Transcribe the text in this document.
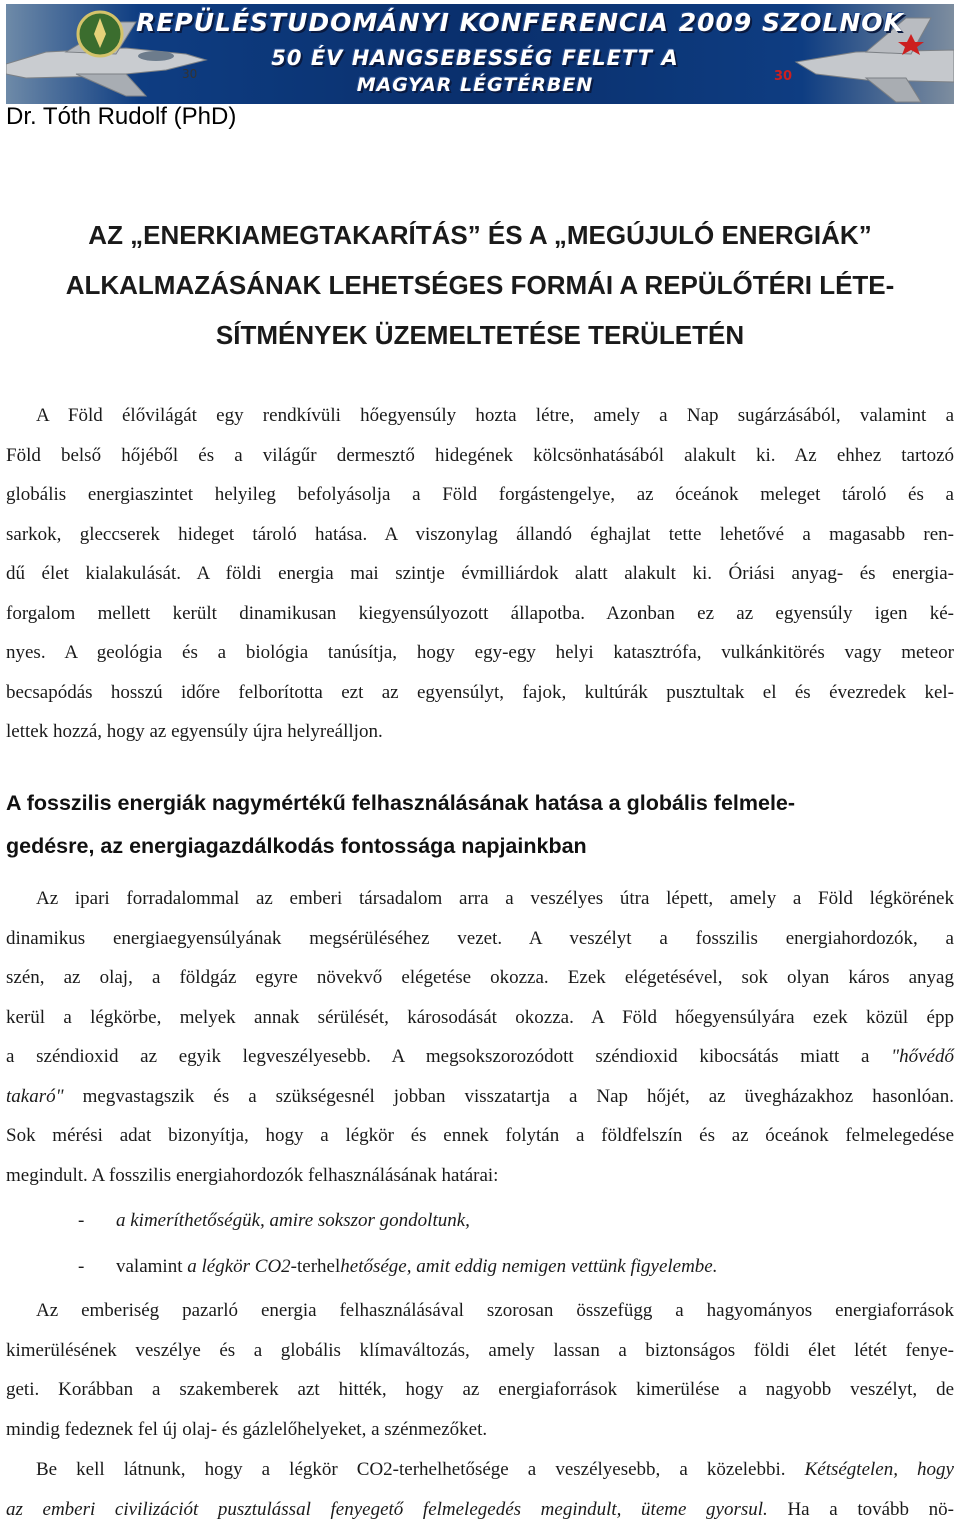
30	30
REPÜLÉSTUDOMÁNYI KONFERENCIA 2009 SZOLNOK
50 ÉV HANGSEBESSÉG FELETT A
MAGYAR LÉGTÉRBEN
Dr. Tóth Rudolf (PhD)
AZ „ENERKIAMEGTAKARÍTÁS” ÉS A „MEGÚJULÓ ENERGIÁK”
ALKALMAZÁSÁNAK LEHETSÉGES FORMÁI A REPÜLŐTÉRI LÉTE-
SÍTMÉNYEK ÜZEMELTETÉSE TERÜLETÉN
A Föld élővilágát egy rendkívüli hőegyensúly hozta létre, amely a Nap sugárzásából, valamint a
Föld belső hőjéből és a világűr dermesztő hidegének kölcsönhatásából alakult ki. Az ehhez tartozó
globális energiaszintet helyileg befolyásolja a Föld forgástengelye, az óceánok meleget tároló és a
sarkok, gleccserek hideget tároló hatása. A viszonylag állandó éghajlat tette lehetővé a magasabb ren-
dű élet kialakulását. A földi energia mai szintje évmilliárdok alatt alakult ki. Óriási anyag- és energia-
forgalom mellett került dinamikusan kiegyensúlyozott állapotba. Azonban ez az egyensúly igen ké-
nyes. A geológia és a biológia tanúsítja, hogy egy-egy helyi katasztrófa, vulkánkitörés vagy meteor
becsapódás hosszú időre felborította ezt az egyensúlyt, fajok, kultúrák pusztultak el és évezredek kel-
lettek hozzá, hogy az egyensúly újra helyreálljon.
A fosszilis energiák nagymértékű felhasználásának hatása a globális felmele-
gedésre, az energiagazdálkodás fontossága napjainkban
Az ipari forradalommal az emberi társadalom arra a veszélyes útra lépett, amely a Föld légkörének
dinamikus energiaegyensúlyának megsérüléséhez vezet. A veszélyt a fosszilis energiahordozók, a
szén, az olaj, a földgáz egyre növekvő elégetése okozza. Ezek elégetésével, sok olyan káros anyag
kerül a légkörbe, melyek annak sérülését, károsodását okozza. A Föld hőegyensúlyára ezek közül épp
a széndioxid az egyik legveszélyesebb. A megsokszorozódott széndioxid kibocsátás miatt a "hővédő
takaró" megvastagszik és a szükségesnél jobban visszatartja a Nap hőjét, az üvegházakhoz hasonlóan.
Sok mérési adat bizonyítja, hogy a légkör és ennek folytán a földfelszín és az óceánok felmelegedése
megindult. A fosszilis energiahordozók felhasználásának határai:
- a kimeríthetőségük, amire sokszor gondoltunk,
- valamint a légkör CO2-terhelhetősége, amit eddig nemigen vettünk figyelembe.
Az emberiség pazarló energia felhasználásával szorosan összefügg a hagyományos energiaforrások
kimerülésének veszélye és a globális klímaváltozás, amely lassan a biztonságos földi élet létét fenye-
geti. Korábban a szakemberek azt hitték, hogy az energiaforrások kimerülése a nagyobb veszélyt, de
mindig fedeznek fel új olaj- és gázlelőhelyeket, a szénmezőket.
Be kell látnunk, hogy a légkör CO2-terhelhetősége a veszélyesebb, a közelebbi. Kétségtelen, hogy
az emberi civilizációt pusztulással fenyegető felmelegedés megindult, üteme gyorsul. Ha a tovább nö-
